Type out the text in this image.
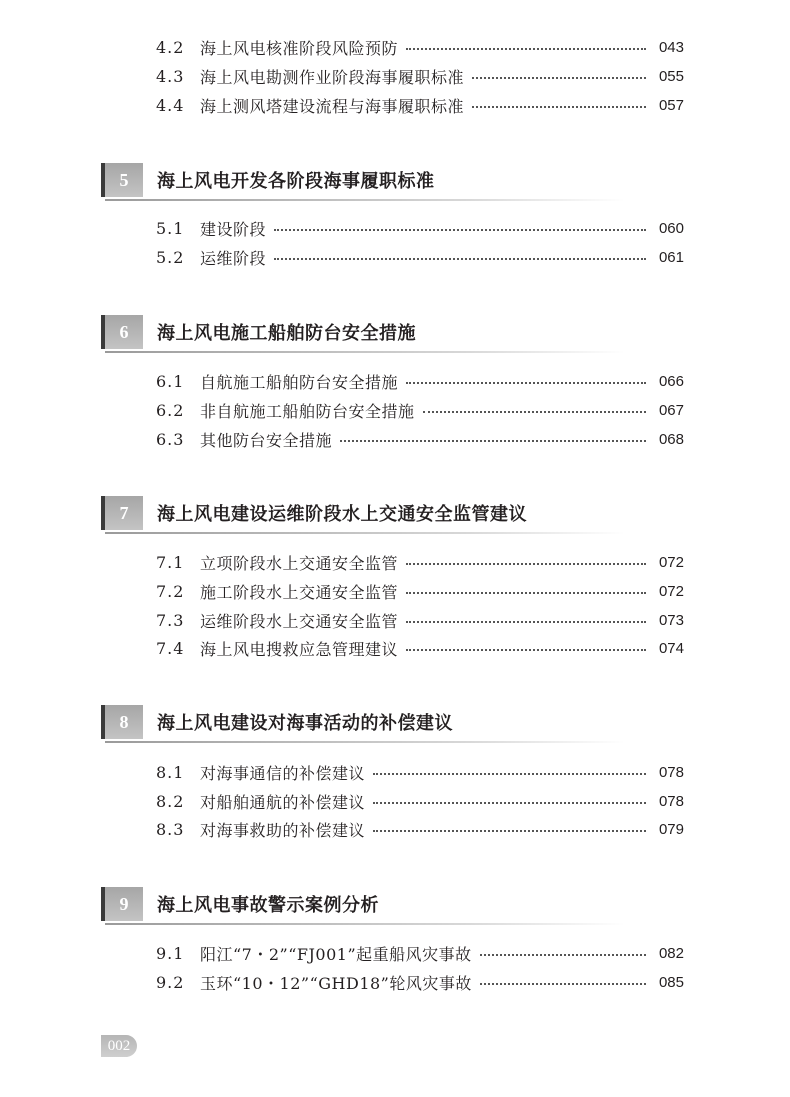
4.2 海上风电核准阶段风险预防	043
4.3 海上风电勘测作业阶段海事履职标准	055
4.4 海上测风塔建设流程与海事履职标准	057
5	海上风电开发各阶段海事履职标准
5.1 建设阶段	060
5.2 运维阶段	061
6	海上风电施工船舶防台安全措施
6.1 自航施工船舶防台安全措施	066
6.2 非自航施工船舶防台安全措施	067
6.3 其他防台安全措施	068
7	海上风电建设运维阶段水上交通安全监管建议
7.1 立项阶段水上交通安全监管	072
7.2 施工阶段水上交通安全监管	072
7.3 运维阶段水上交通安全监管	073
7.4 海上风电搜救应急管理建议	074
8	海上风电建设对海事活动的补偿建议
8.1 对海事通信的补偿建议	078
8.2 对船舶通航的补偿建议	078
8.3 对海事救助的补偿建议	079
9	海上风电事故警示案例分析
9.1 阳江“7・2”“FJ001”起重船风灾事故	082
9.2 玉环“10・12”“GHD18”轮风灾事故	085
002
